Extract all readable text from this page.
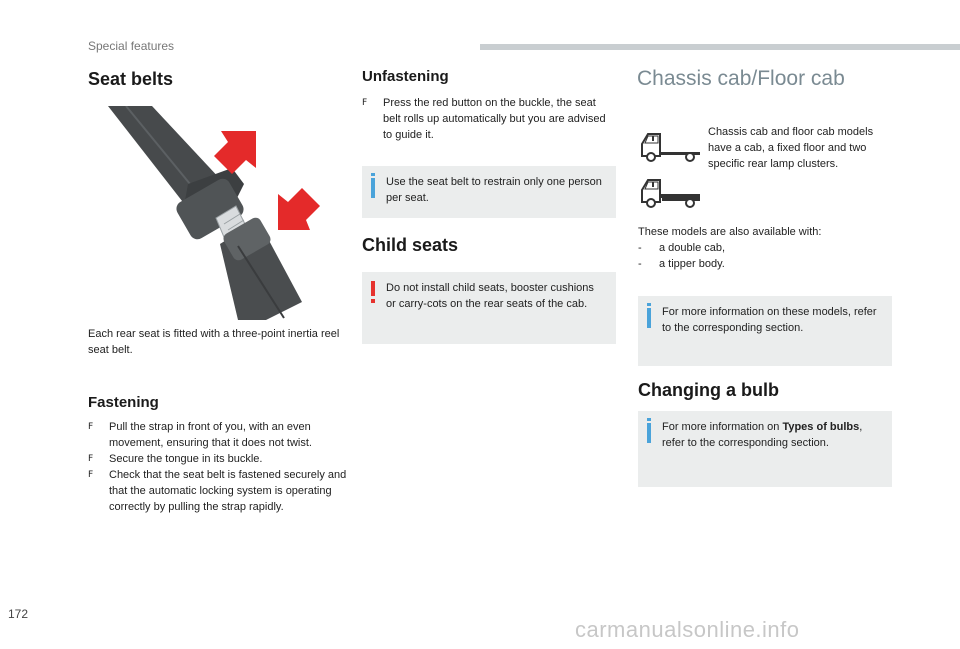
Special features
Seat belts
Each rear seat is fitted with a three-point inertia reel seat belt.
Fastening
F Pull the strap in front of you, with an even movement, ensuring that it does not twist.
F Secure the tongue in its buckle.
F Check that the seat belt is fastened securely and that the automatic locking system is operating correctly by pulling the strap rapidly.
Unfastening
F Press the red button on the buckle, the seat belt rolls up automatically but you are advised to guide it.
Use the seat belt to restrain only one person per seat.
Child seats
Do not install child seats, booster cushions or carry-cots on the rear seats of the cab.
Chassis cab/Floor cab
Chassis cab and floor cab models have a cab, a fixed floor and two specific rear lamp clusters.
These models are also available with:
- a double cab,
- a tipper body.
For more information on these models, refer to the corresponding section.
Changing a bulb
For more information on Types of bulbs, refer to the corresponding section.
172
carmanualsonline.info
